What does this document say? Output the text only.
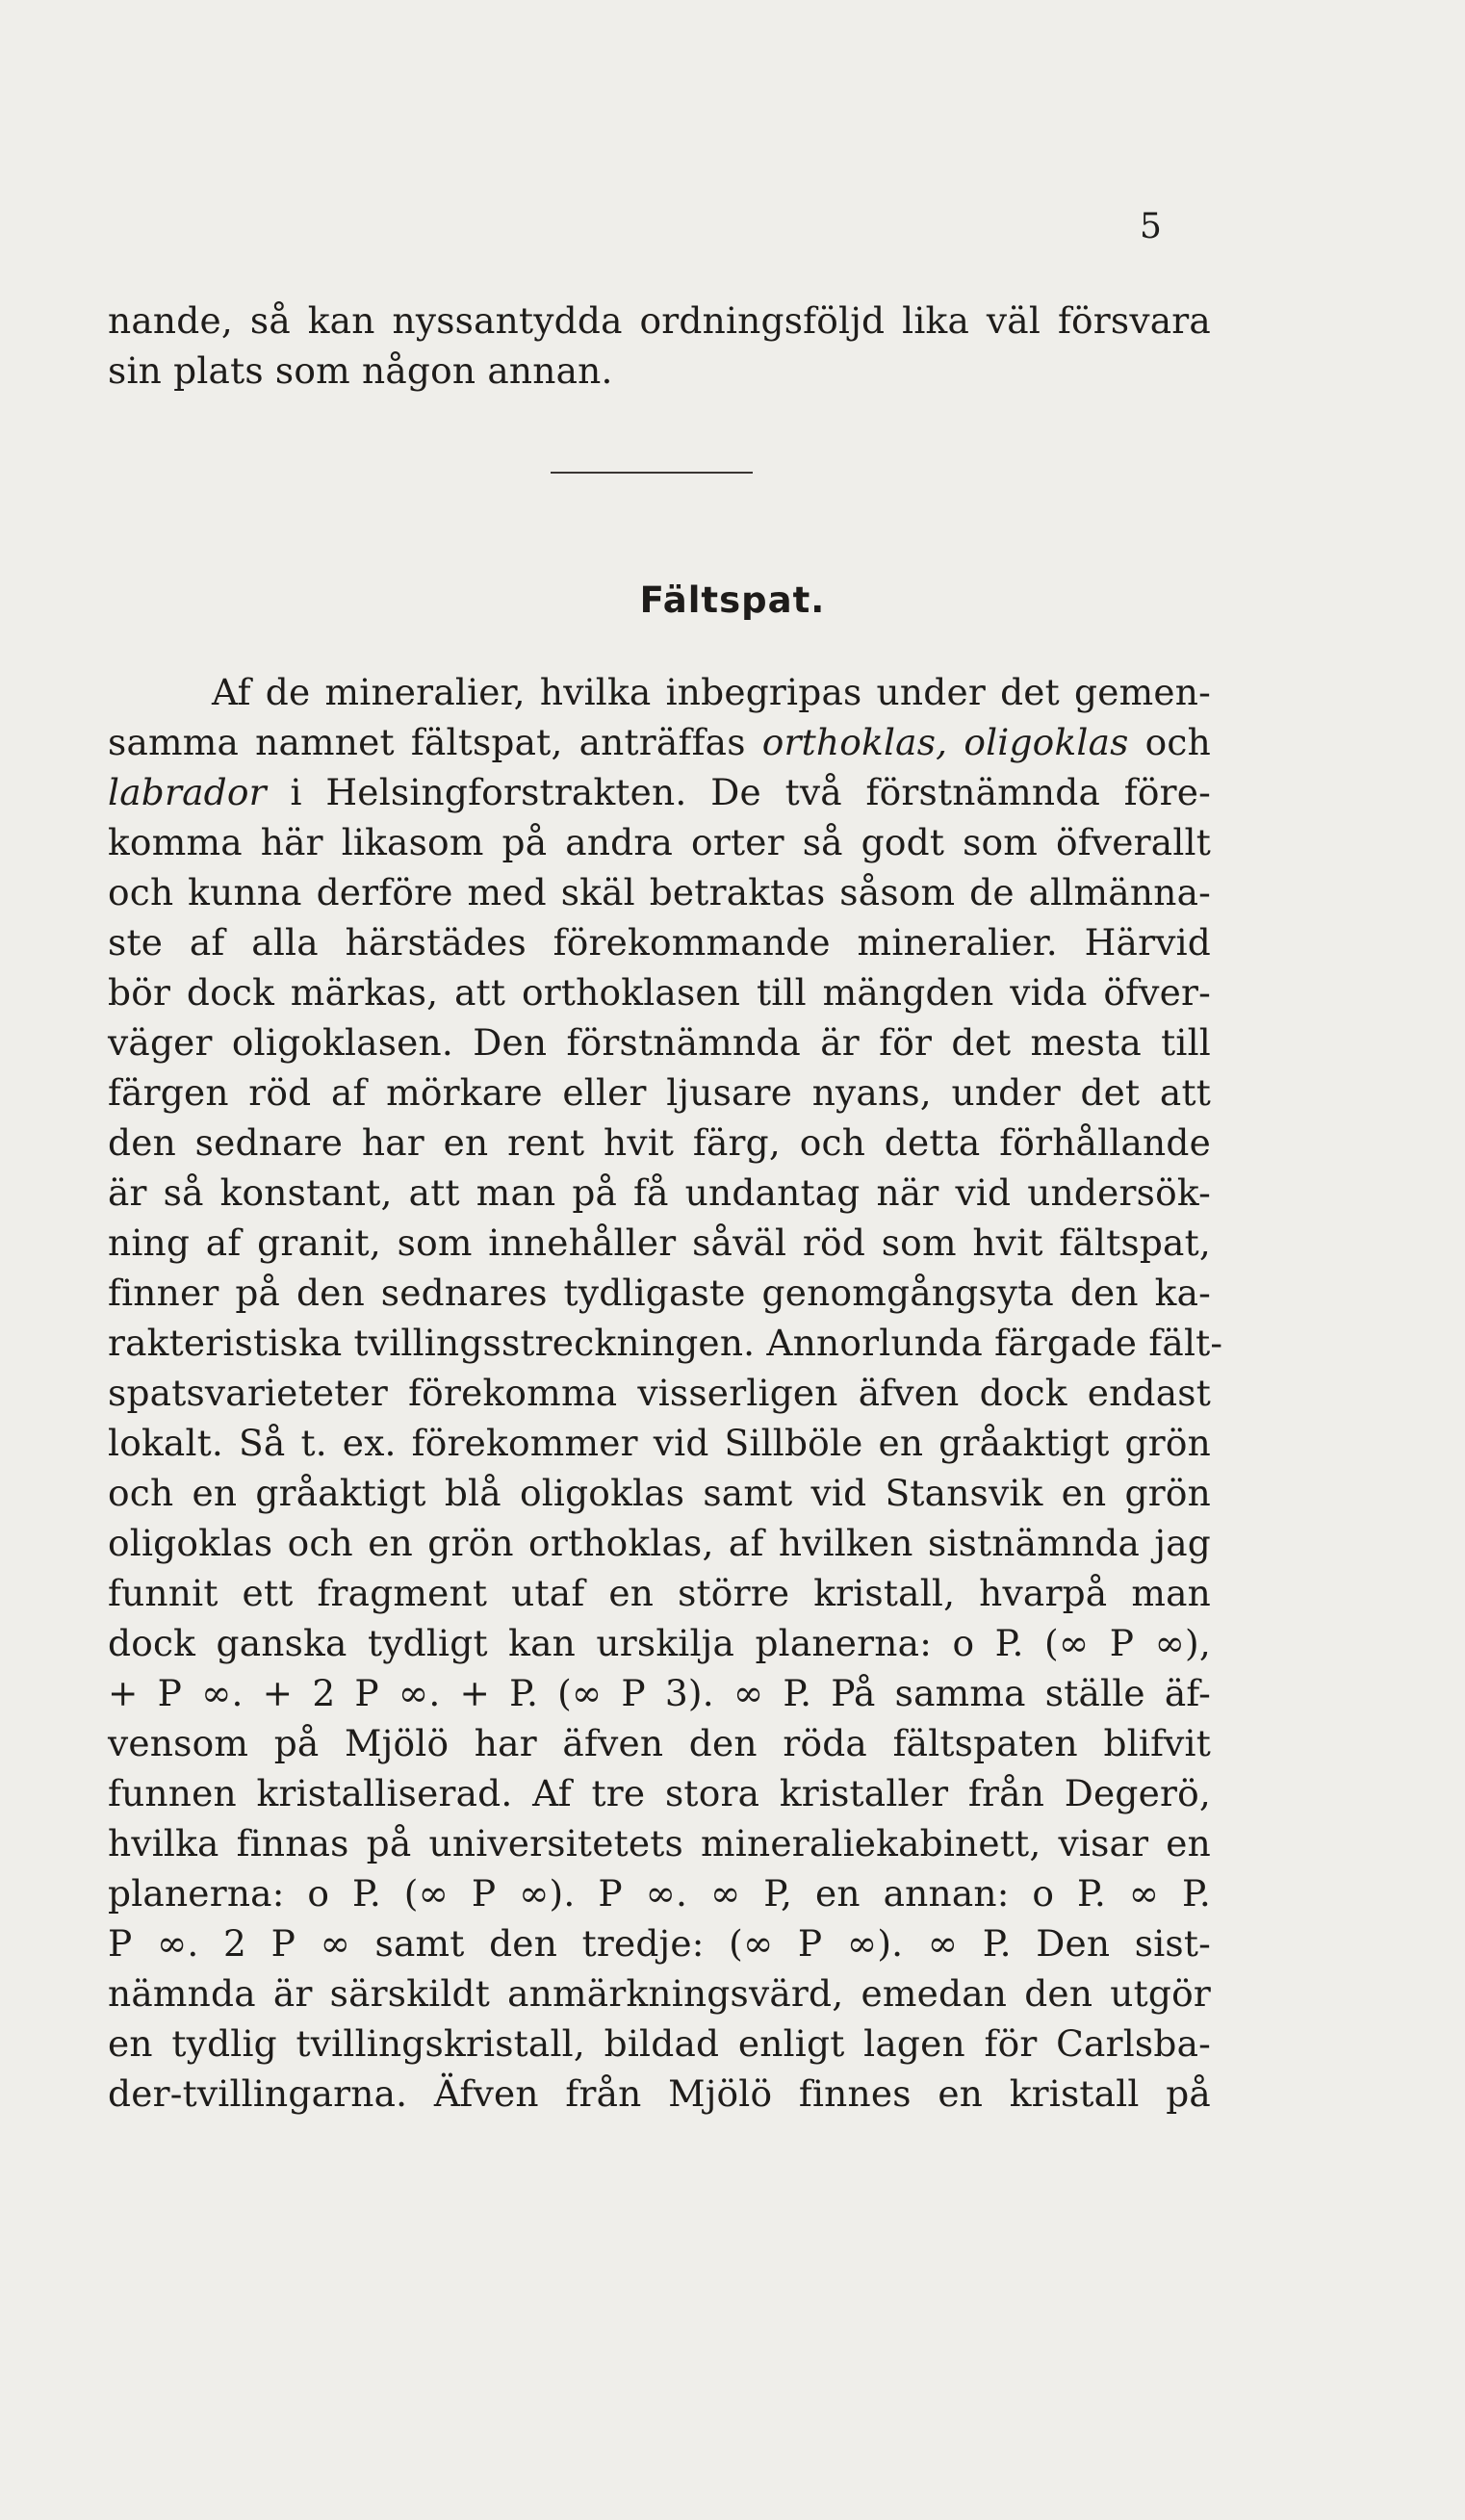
5
nande, så kan nyssantydda ordningsföljd lika väl försvara
sin plats som någon annan.
Fältspat.
Af de mineralier, hvilka inbegripas under det gemen-
samma namnet fältspat, anträffas orthoklas, oligoklas och
labrador i Helsingforstrakten. De två förstnämnda före-
komma här likasom på andra orter så godt som öfverallt
och kunna derföre med skäl betraktas såsom de allmänna-
ste af alla härstädes förekommande mineralier. Härvid
bör dock märkas, att orthoklasen till mängden vida öfver-
väger oligoklasen. Den förstnämnda är för det mesta till
färgen röd af mörkare eller ljusare nyans, under det att
den sednare har en rent hvit färg, och detta förhållande
är så konstant, att man på få undantag när vid undersök-
ning af granit, som innehåller såväl röd som hvit fältspat,
finner på den sednares tydligaste genomgångsyta den ka-
rakteristiska tvillingsstreckningen. Annorlunda färgade fält-
spatsvarieteter förekomma visserligen äfven dock endast
lokalt. Så t. ex. förekommer vid Sillböle en gråaktigt grön
och en gråaktigt blå oligoklas samt vid Stansvik en grön
oligoklas och en grön orthoklas, af hvilken sistnämnda jag
funnit ett fragment utaf en större kristall, hvarpå man
dock ganska tydligt kan urskilja planerna: o P. (∞ P ∞),
+ P ∞. + 2 P ∞. + P. (∞ P 3). ∞ P. På samma ställe äf-
vensom på Mjölö har äfven den röda fältspaten blifvit
funnen kristalliserad. Af tre stora kristaller från Degerö,
hvilka finnas på universitetets mineraliekabinett, visar en
planerna: o P. (∞ P ∞). P ∞. ∞ P, en annan: o P. ∞ P.
P ∞. 2 P ∞ samt den tredje: (∞ P ∞). ∞ P. Den sist-
nämnda är särskildt anmärkningsvärd, emedan den utgör
en tydlig tvillingskristall, bildad enligt lagen för Carlsba-
der-tvillingarna. Äfven från Mjölö finnes en kristall på
